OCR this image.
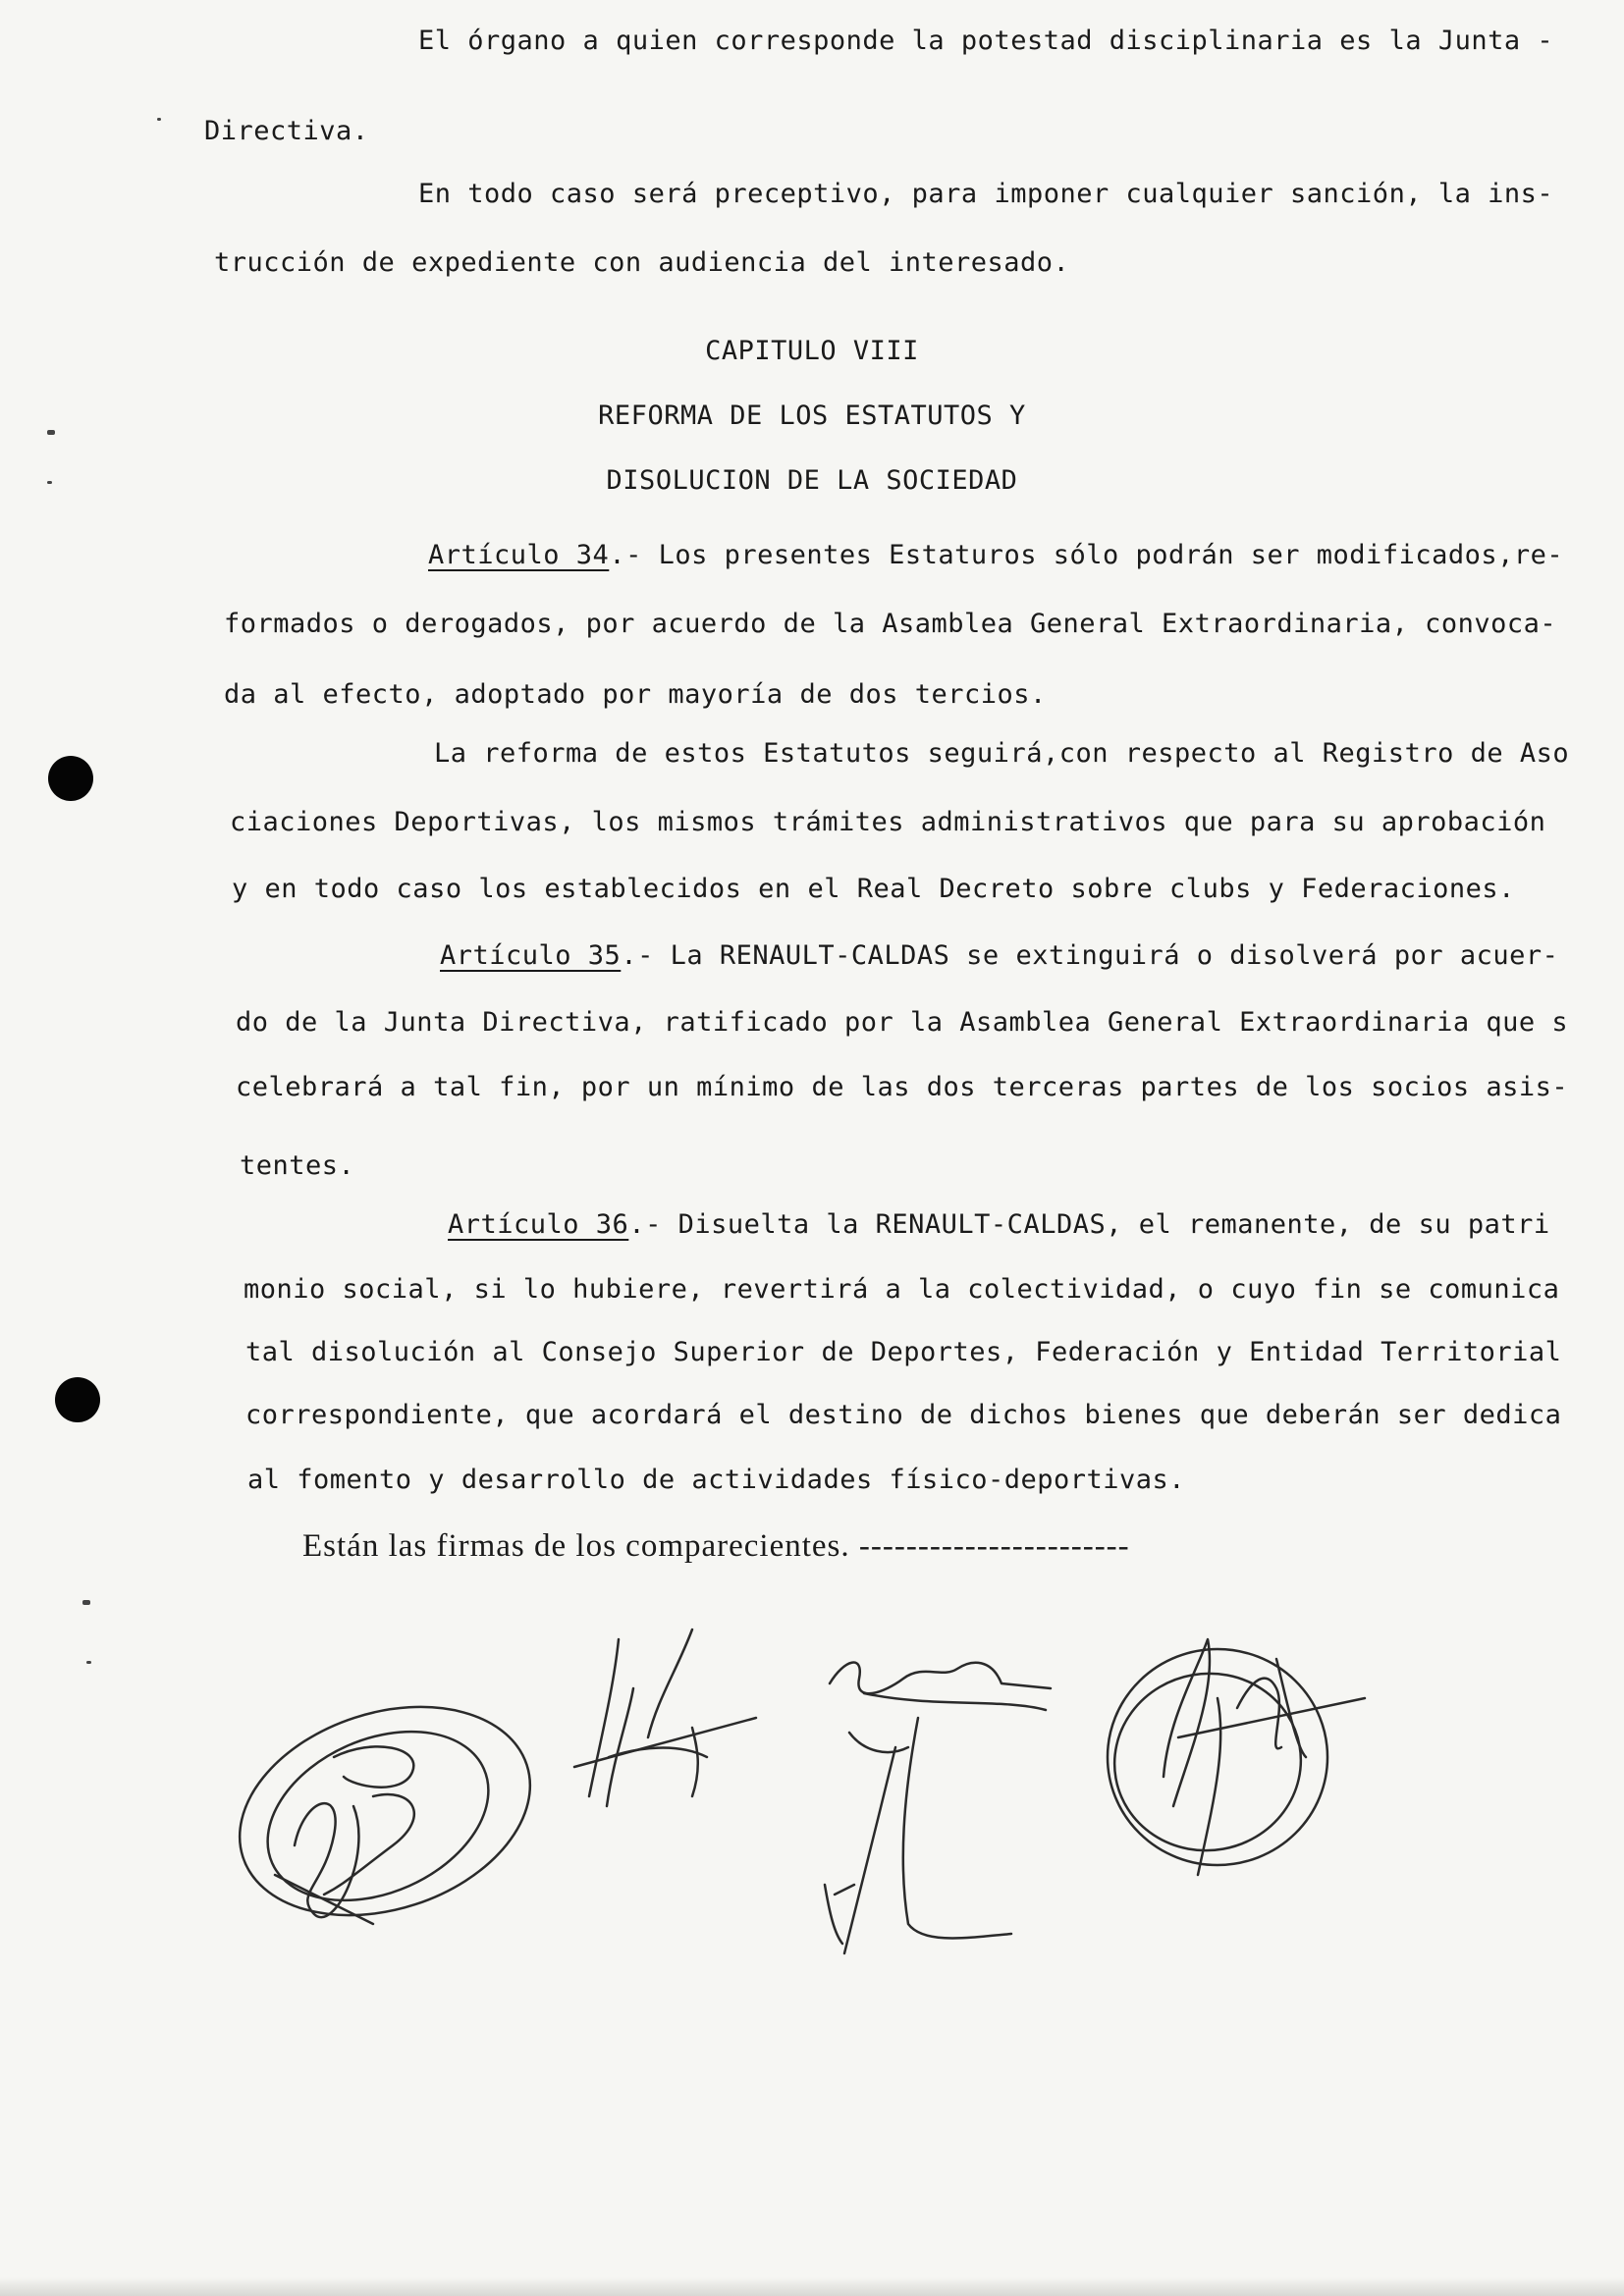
El órgano a quien corresponde la potestad disciplinaria es la Junta -
Directiva.
En todo caso será preceptivo, para imponer cualquier sanción, la ins-
trucción de expediente con audiencia del interesado.
CAPITULO VIII
REFORMA DE LOS ESTATUTOS Y
DISOLUCION DE LA SOCIEDAD
Artículo 34.- Los presentes Estaturos sólo podrán ser modificados,re-
formados o derogados, por acuerdo de la Asamblea General Extraordinaria, convoca-
da al efecto, adoptado por mayoría de dos tercios.
La reforma de estos Estatutos seguirá,con respecto al Registro de Aso
ciaciones Deportivas, los mismos trámites administrativos que para su aprobación
y en todo caso los establecidos en el Real Decreto sobre clubs y Federaciones.
Artículo 35.- La RENAULT-CALDAS se extinguirá o disolverá por acuer-
do de la Junta Directiva, ratificado por la Asamblea General Extraordinaria que s
celebrará a tal fin, por un mínimo de las dos terceras partes de los socios asis-
tentes.
Artículo 36.- Disuelta la RENAULT-CALDAS, el remanente, de su patri
monio social, si lo hubiere, revertirá a la colectividad, o cuyo fin se comunica
tal disolución al Consejo Superior de Deportes, Federación y Entidad Territorial
correspondiente, que acordará el destino de dichos bienes que deberán ser dedica
al fomento y desarrollo de actividades físico-deportivas.
Están las firmas de los comparecientes. -----------------------
